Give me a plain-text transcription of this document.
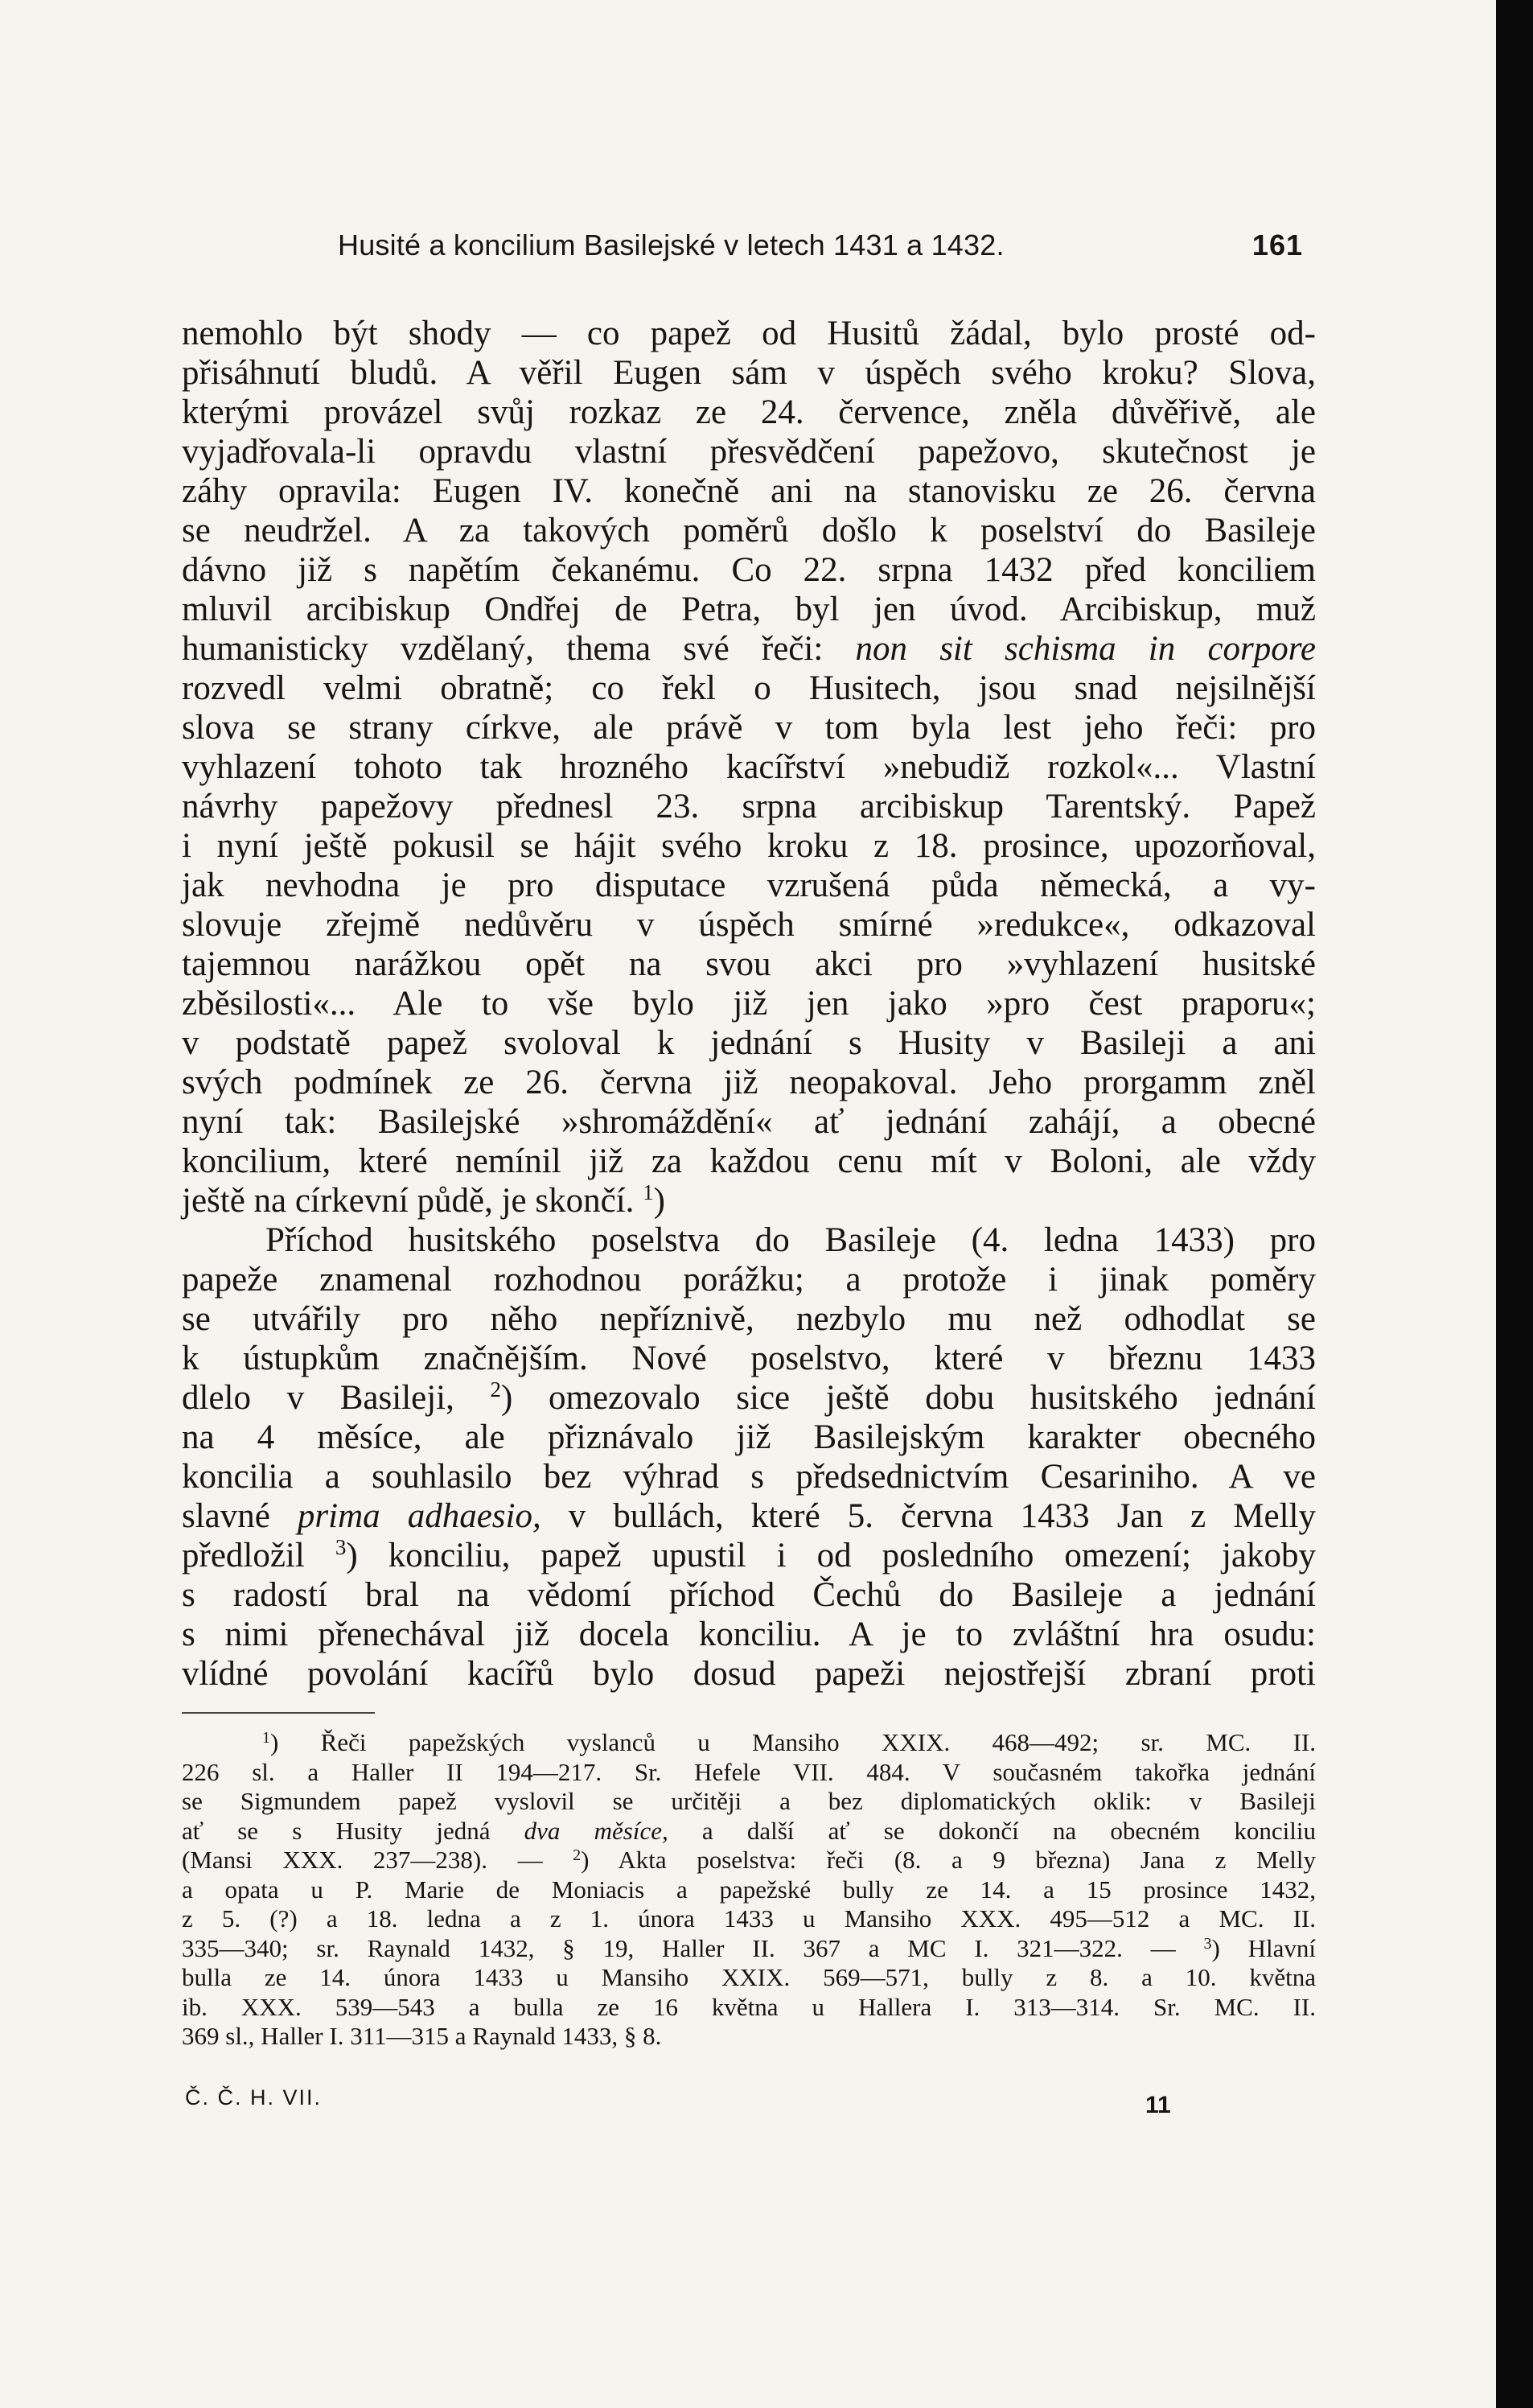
Husité a koncilium Basilejské v letech 1431 a 1432.	161
nemohlo být shody — co papež od Husitů žádal, bylo prosté od-
přisáhnutí bludů. A věřil Eugen sám v úspěch svého kroku? Slova,
kterými provázel svůj rozkaz ze 24. července, zněla důvěřivě, ale
vyjadřovala-li opravdu vlastní přesvědčení papežovo, skutečnost je
záhy opravila: Eugen IV. konečně ani na stanovisku ze 26. června
se neudržel. A za takových poměrů došlo k poselství do Basileje
dávno již s napětím čekanému. Co 22. srpna 1432 před konciliem
mluvil arcibiskup Ondřej de Petra, byl jen úvod. Arcibiskup, muž
humanisticky vzdělaný, thema své řeči: non sit schisma in corpore
rozvedl velmi obratně; co řekl o Husitech, jsou snad nejsilnější
slova se strany církve, ale právě v tom byla lest jeho řeči: pro
vyhlazení tohoto tak hrozného kacířství »nebudiž rozkol«... Vlastní
návrhy papežovy přednesl 23. srpna arcibiskup Tarentský. Papež
i nyní ještě pokusil se hájit svého kroku z 18. prosince, upozorňoval,
jak nevhodna je pro disputace vzrušená půda německá, a vy-
slovuje zřejmě nedůvěru v úspěch smírné »redukce«, odkazoval
tajemnou narážkou opět na svou akci pro »vyhlazení husitské
zběsilosti«... Ale to vše bylo již jen jako »pro čest praporu«;
v podstatě papež svoloval k jednání s Husity v Basileji a ani
svých podmínek ze 26. června již neopakoval. Jeho prorgamm zněl
nyní tak: Basilejské »shromáždění« ať jednání zahájí, a obecné
koncilium, které nemínil již za každou cenu mít v Boloni, ale vždy
ještě na církevní půdě, je skončí. $^1$)
Příchod husitského poselstva do Basileje (4. ledna 1433) pro
papeže znamenal rozhodnou porážku; a protože i jinak poměry
se utvářily pro něho nepříznivě, nezbylo mu než odhodlat se
k ústupkům značnějším. Nové poselstvo, které v březnu 1433
dlelo v Basileji, $^2$) omezovalo sice ještě dobu husitského jednání
na 4 měsíce, ale přiznávalo již Basilejským karakter obecného
koncilia a souhlasilo bez výhrad s předsednictvím Cesariniho. A ve
slavné prima adhaesio, v bullách, které 5. června 1433 Jan z Melly
předložil $^3$) konciliu, papež upustil i od posledního omezení; jakoby
s radostí bral na vědomí příchod Čechů do Basileje a jednání
s nimi přenechával již docela konciliu. A je to zvláštní hra osudu:
vlídné povolání kacířů bylo dosud papeži nejostřejší zbraní proti
$^1$) Řeči papežských vyslanců u Mansiho XXIX. 468—492; sr. MC. II.
226 sl. a Haller II 194—217. Sr. Hefele VII. 484. V současném takořka jednání
se Sigmundem papež vyslovil se určitěji a bez diplomatických oklik: v Basileji
ať se s Husity jedná dva měsíce, a další ať se dokončí na obecném konciliu
(Mansi XXX. 237—238). — $^2$) Akta poselstva: řeči (8. a 9 března) Jana z Melly
a opata u P. Marie de Moniacis a papežské bully ze 14. a 15 prosince 1432,
z 5. (?) a 18. ledna a z 1. února 1433 u Mansiho XXX. 495—512 a MC. II.
335—340; sr. Raynald 1432, § 19, Haller II. 367 a MC I. 321—322. — $^3$) Hlavní
bulla ze 14. února 1433 u Mansiho XXIX. 569—571, bully z 8. a 10. května
ib. XXX. 539—543 a bulla ze 16 května u Hallera I. 313—314. Sr. MC. II.
369 sl., Haller I. 311—315 a Raynald 1433, § 8.
Č. Č. H. VII.	11
